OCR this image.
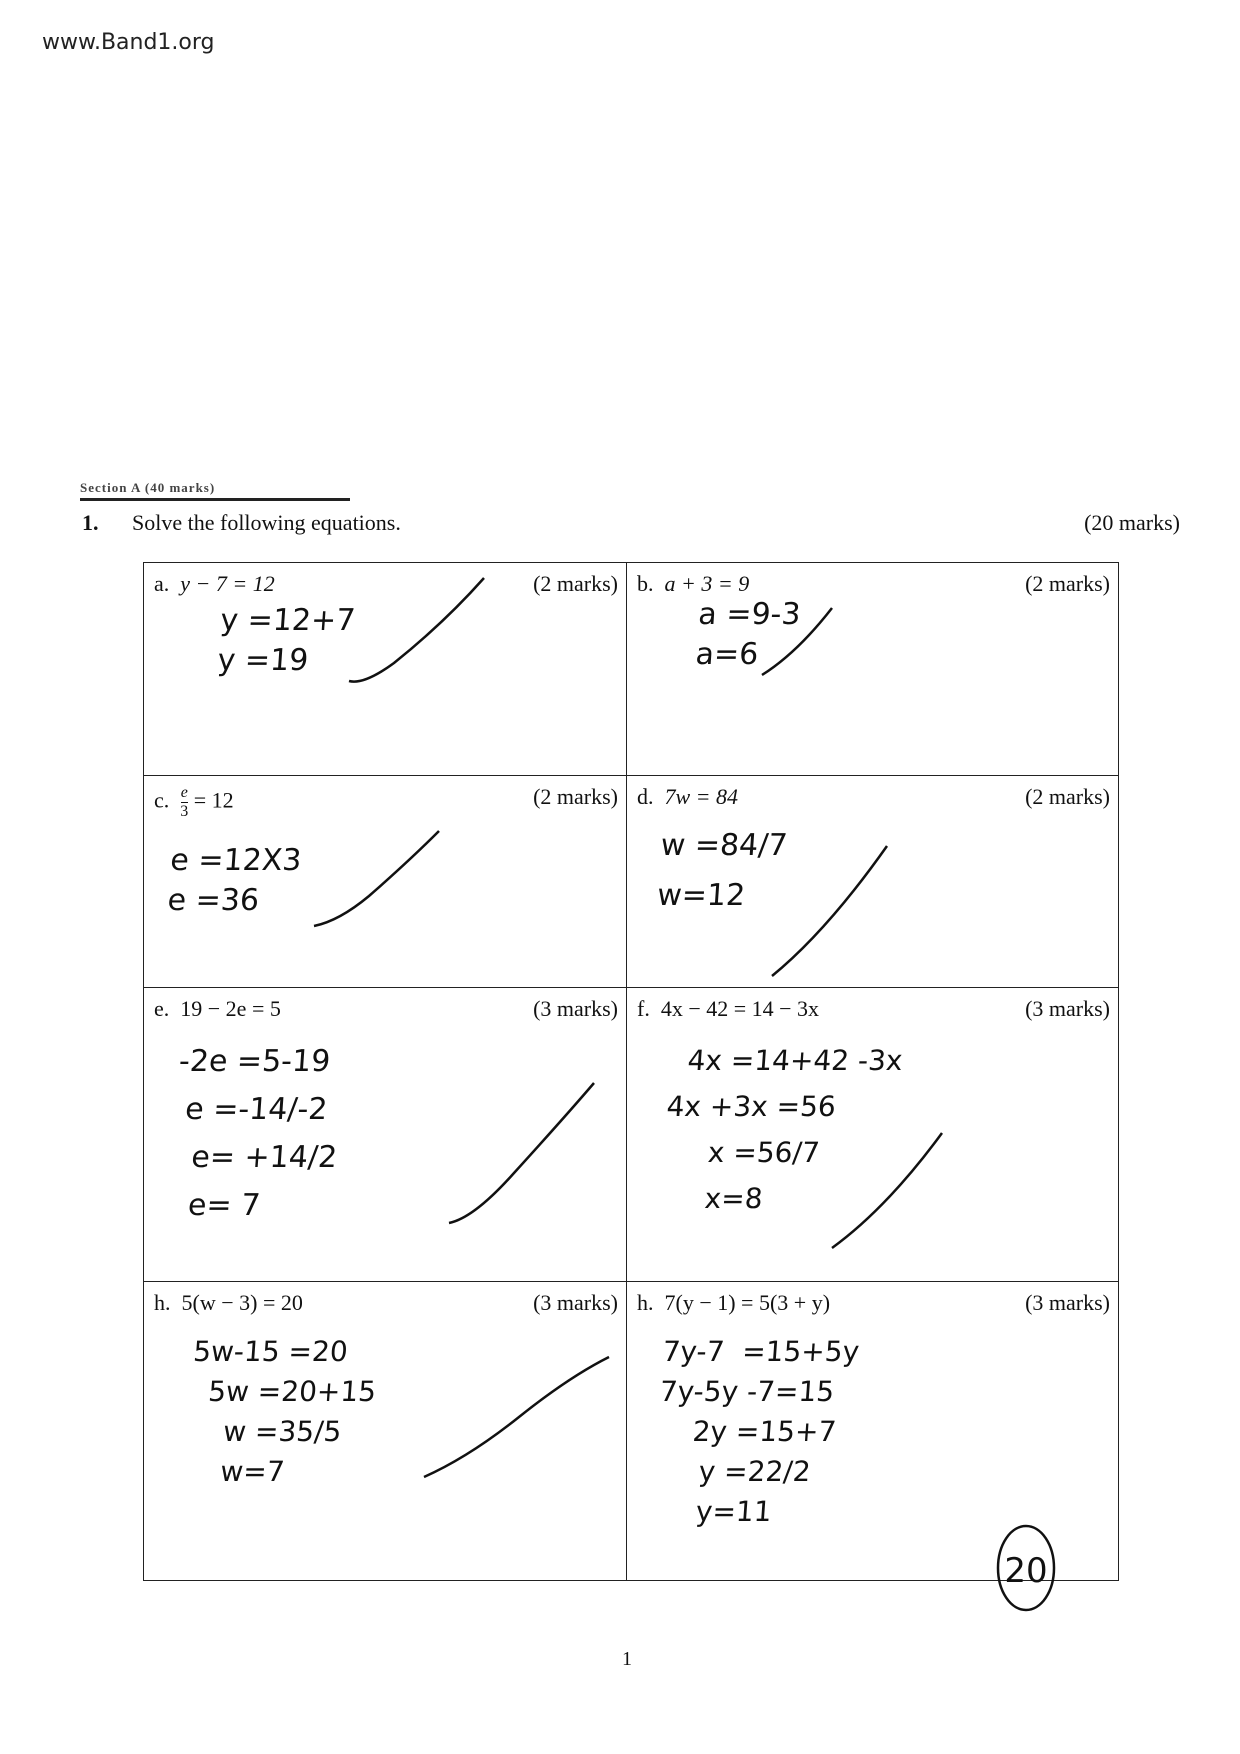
www.Band1.org
Section A (40 marks)
1. Solve the following equations.	(20 marks)
a. y − 7 = 12	(2 marks)
y =12+7
y =19
b. a + 3 = 9	(2 marks)
a =9-3
a=6
c. $\frac{e}{3} = 12$	(2 marks)
e =12X3
e =36
d. 7w = 84	(2 marks)
w =84/7
w=12
e. 19 − 2e = 5	(3 marks)
-2e =5-19
e =-14/-2
e= +14/2
e= 7
f. 4x − 42 = 14 − 3x	(3 marks)
4x =14+42 -3x
4x +3x =56
x =56/7
x=8
h. 5(w − 3) = 20	(3 marks)
5w-15 =20
5w =20+15
w =35/5
w=7
h. 7(y − 1) = 5(3 + y)	(3 marks)
7y-7  =15+5y
7y-5y -7=15
2y =15+7
y =22/2
y=11
20
1
